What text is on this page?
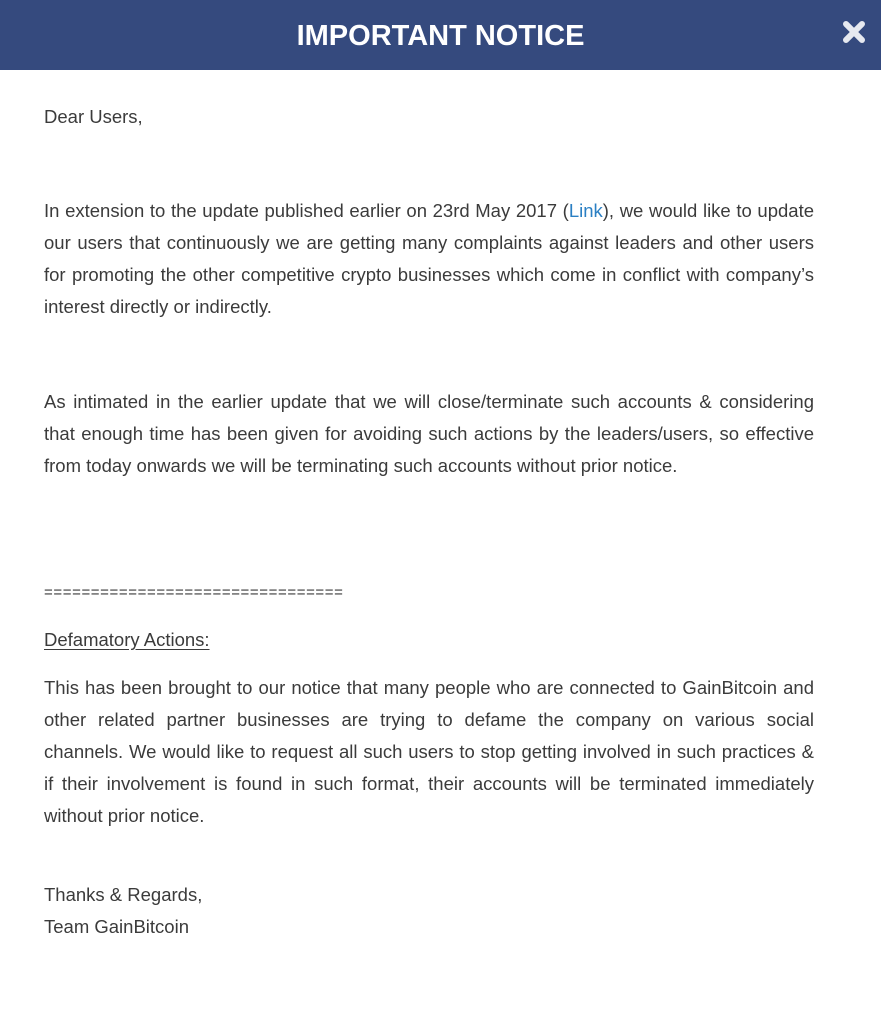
IMPORTANT NOTICE

Dear Users,

In extension to the update published earlier on 23rd May 2017 (Link), we would like to update our users that continuously we are getting many complaints against leaders and other users for promoting the other competitive crypto businesses which come in conflict with company’s interest directly or indirectly.

As intimated in the earlier update that we will close/terminate such accounts & considering that enough time has been given for avoiding such actions by the leaders/users, so effective from today onwards we will be terminating such accounts without prior notice.

================================

Defamatory Actions:

This has been brought to our notice that many people who are connected to GainBitcoin and other related partner businesses are trying to defame the company on various social channels. We would like to request all such users to stop getting involved in such practices & if their involvement is found in such format, their accounts will be terminated immediately without prior notice.

Thanks & Regards,

Team GainBitcoin
